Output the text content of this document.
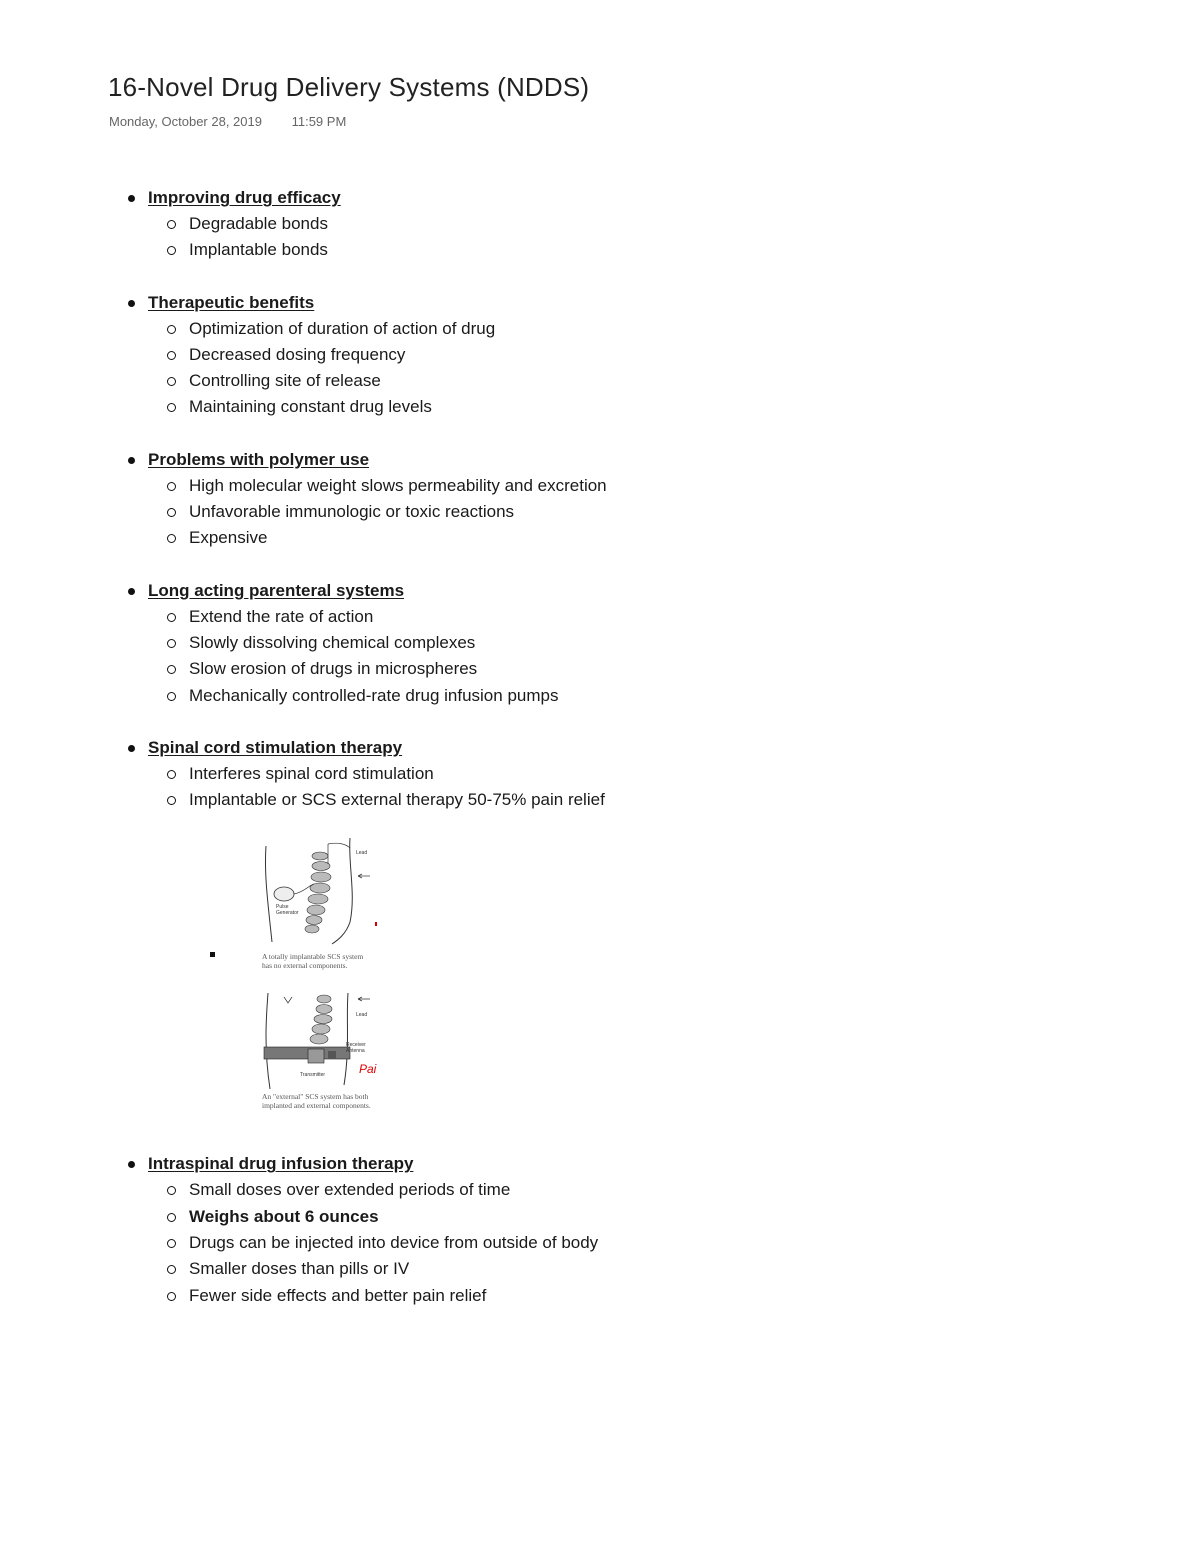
16-Novel Drug Delivery Systems (NDDS)
Monday, October 28, 2019 11:59 PM
Improving drug efficacy
Degradable bonds
Implantable bonds
Therapeutic benefits
Optimization of duration of action of drug
Decreased dosing frequency
Controlling site of release
Maintaining constant drug levels
Problems with polymer use
High molecular weight slows permeability and excretion
Unfavorable immunologic or toxic reactions
Expensive
Long acting parenteral systems
Extend the rate of action
Slowly dissolving chemical complexes
Slow erosion of drugs in microspheres
Mechanically controlled-rate drug infusion pumps
Spinal cord stimulation therapy
Interferes spinal cord stimulation
Implantable or SCS external therapy 50-75% pain relief
Lead
Pulse Generator
A totally implantable SCS system has no external components.
Lead
Receiver Antenna
Transmitter	Pai
An "external" SCS system has both implanted and external components.
Intraspinal drug infusion therapy
Small doses over extended periods of time
Weighs about 6 ounces
Drugs can be injected into device from outside of body
Smaller doses than pills or IV
Fewer side effects and better pain relief
